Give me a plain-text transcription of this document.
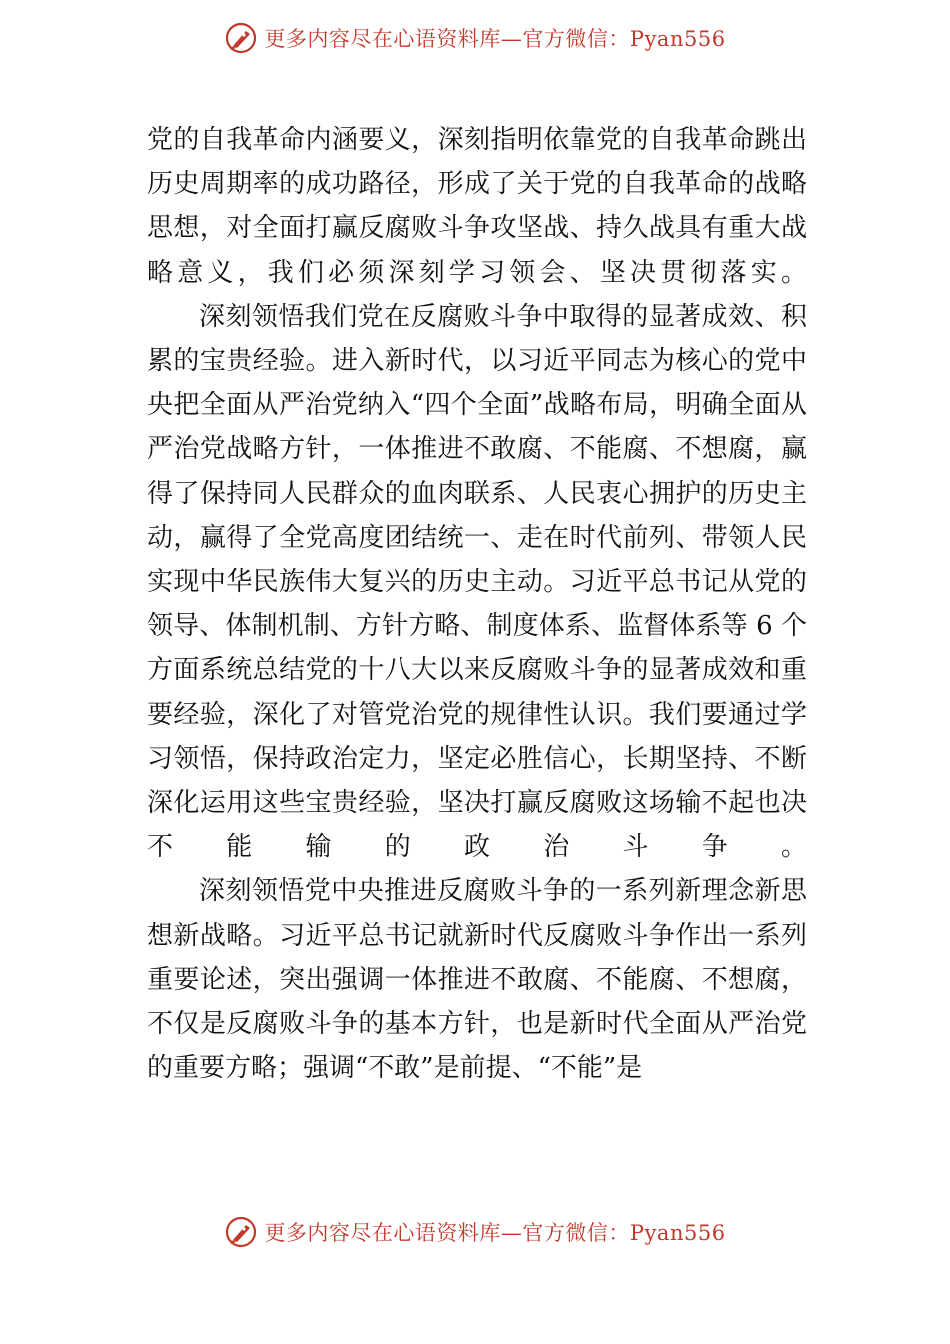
更多内容尽在心语资料库—官方微信：Pyan556

党的自我革命内涵要义，深刻指明依靠党的自我革命跳出历史周期率的成功路径，形成了关于党的自我革命的战略思想，对全面打赢反腐败斗争攻坚战、持久战具有重大战略意义，我们必须深刻学习领会、坚决贯彻落实。

深刻领悟我们党在反腐败斗争中取得的显著成效、积累的宝贵经验。进入新时代，以习近平同志为核心的党中央把全面从严治党纳入“四个全面”战略布局，明确全面从严治党战略方针，一体推进不敢腐、不能腐、不想腐，赢得了保持同人民群众的血肉联系、人民衷心拥护的历史主动，赢得了全党高度团结统一、走在时代前列、带领人民实现中华民族伟大复兴的历史主动。习近平总书记从党的领导、体制机制、方针方略、制度体系、监督体系等 6 个方面系统总结党的十八大以来反腐败斗争的显著成效和重要经验，深化了对管党治党的规律性认识。我们要通过学习领悟，保持政治定力，坚定必胜信心，长期坚持、不断深化运用这些宝贵经验，坚决打赢反腐败这场输不起也决不能输的政治斗争。

深刻领悟党中央推进反腐败斗争的一系列新理念新思想新战略。习近平总书记就新时代反腐败斗争作出一系列重要论述，突出强调一体推进不敢腐、不能腐、不想腐，不仅是反腐败斗争的基本方针，也是新时代全面从严治党的重要方略；强调“不敢”是前提、“不能”是

更多内容尽在心语资料库—官方微信：Pyan556
